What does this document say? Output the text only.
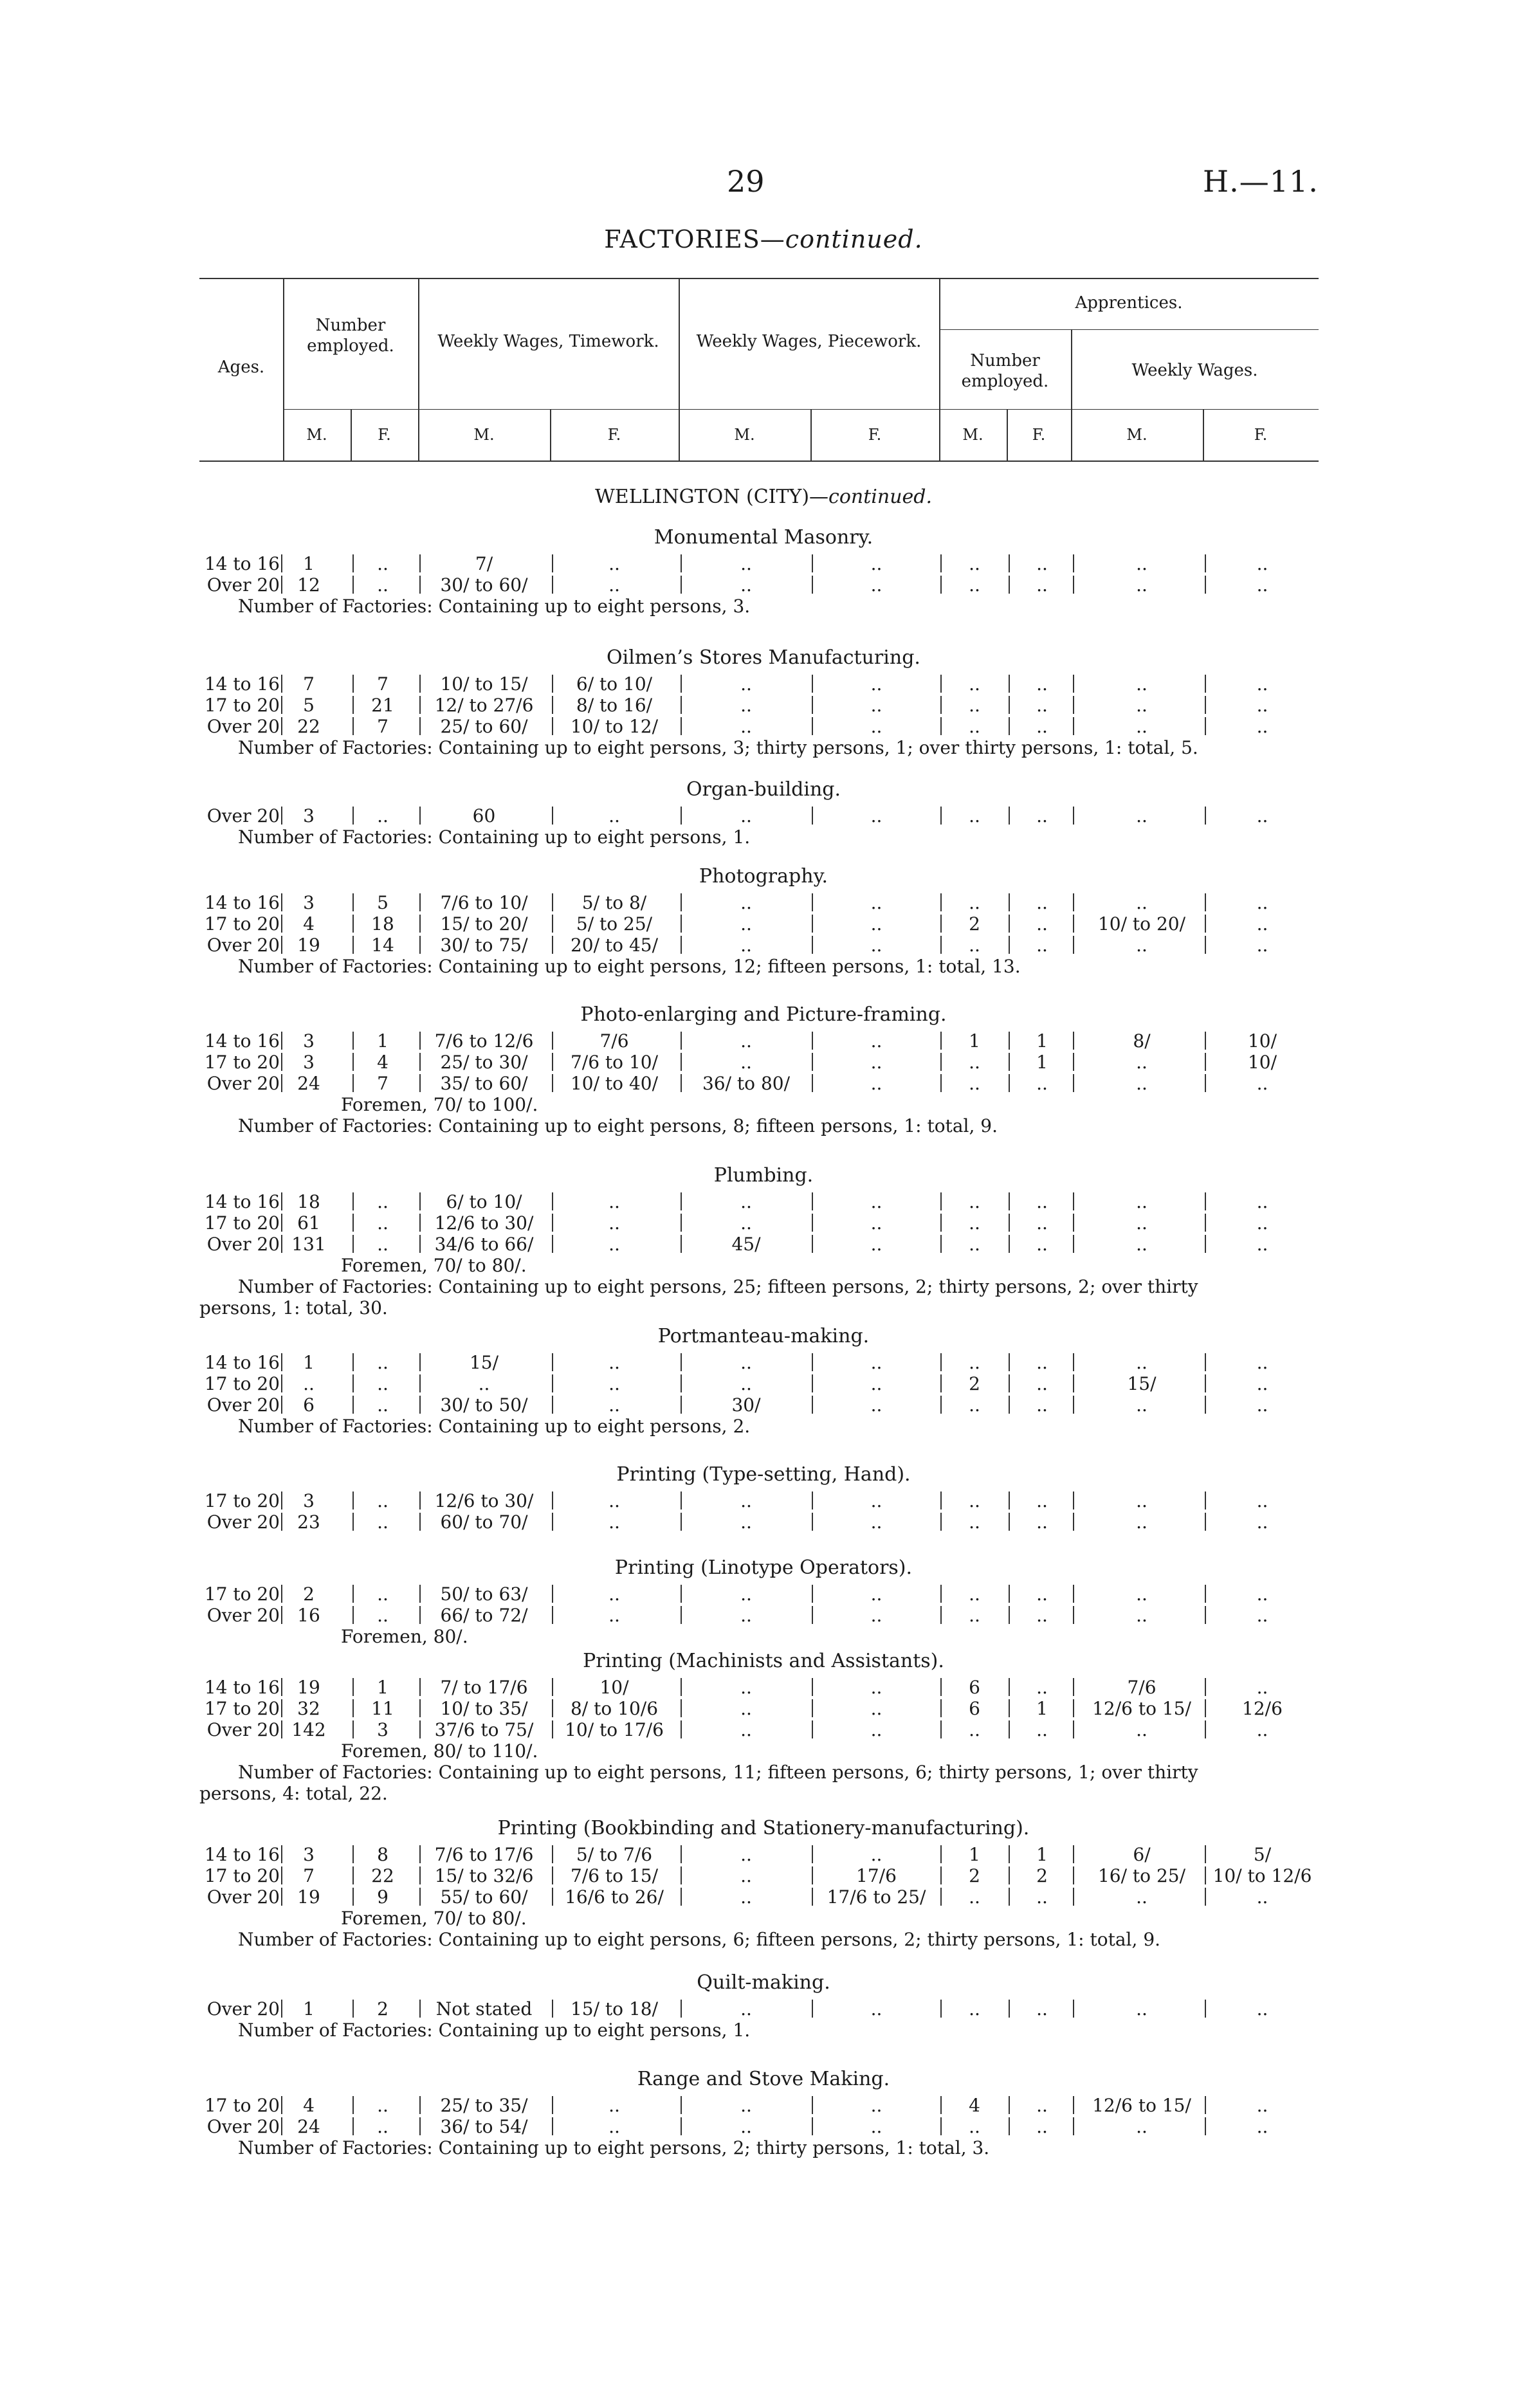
29	H.—11.
FACTORIES—continued.
Ages.
Number
employed.	Weekly Wages, Timework.	Weekly Wages, Piecework.
Apprentices.
Number
employed.
Weekly Wages.
M.	F.	M.	F.	M.	F.	M.	F.	M.	F.
WELLINGTON (CITY)—continued.
Monumental Masonry.
14 to 16	1	..	7/	..	..	..	..	..	..	..
Over 20 12	..	30/ to 60/	..	..	..	..	..	..	..
Number of Factories: Containing up to eight persons, 3.
Oilmen’s Stores Manufacturing.
14 to 16	7	7	10/ to 15/	6/ to 10/	..	..	..	..	..	..
17 to 20	5	21	12/ to 27/6	8/ to 16/	..	..	..	..	..	..
Over 20 22	7	25/ to 60/	10/ to 12/	..	..	..	..	..	..
Number of Factories: Containing up to eight persons, 3; thirty persons, 1; over thirty persons, 1: total, 5.
Organ-building.
Over 20	3	..	60	..	..	..	..	..	..	..
Number of Factories: Containing up to eight persons, 1.
Photography.
14 to 16	3	5	7/6 to 10/	5/ to 8/	..	..	..	..	..	..
17 to 20	4	18	15/ to 20/	5/ to 25/	..	..	2	..	10/ to 20/	..
Over 20 19	14	30/ to 75/	20/ to 45/	..	..	..	..	..	..
Number of Factories: Containing up to eight persons, 12; fifteen persons, 1: total, 13.
Photo-enlarging and Picture-framing.
14 to 16	3	1	7/6 to 12/6	7/6	..	..	1	1	8/	10/
17 to 20	3	4	25/ to 30/	7/6 to 10/	..	..	..	1	..	10/
Over 20 24	7	35/ to 60/	10/ to 40/	36/ to 80/	..	..	..	..	..
Foremen, 70/ to 100/.
Number of Factories: Containing up to eight persons, 8; fifteen persons, 1: total, 9.
Plumbing.
14 to 16 18	..	6/ to 10/	..	..	..	..	..	..	..
17 to 20 61	..	12/6 to 30/	..	..	..	..	..	..	..
Over 20 131	..	34/6 to 66/	..	45/	..	..	..	..	..
Foremen, 70/ to 80/.
Number of Factories: Containing up to eight persons, 25; fifteen persons, 2; thirty persons, 2; over thirty
persons, 1: total, 30.
Portmanteau-making.
14 to 16	1	..	15/	..	..	..	..	..	..	..
17 to 20	..	..	..	..	..	..	2	..	15/	..
Over 20	6	..	30/ to 50/	..	30/	..	..	..	..	..
Number of Factories: Containing up to eight persons, 2.
Printing (Type-setting, Hand).
17 to 20	3	..	12/6 to 30/	..	..	..	..	..	..	..
Over 20 23	..	60/ to 70/	..	..	..	..	..	..	..
Printing (Linotype Operators).
17 to 20	2	..	50/ to 63/	..	..	..	..	..	..	..
Over 20 16	..	66/ to 72/	..	..	..	..	..	..	..
Foremen, 80/.
Printing (Machinists and Assistants).
14 to 16 19	1	7/ to 17/6	10/	..	..	6	..	7/6	..
17 to 20 32	11	10/ to 35/	8/ to 10/6	..	..	6	1	12/6 to 15/	12/6
Over 20 142	3	37/6 to 75/	10/ to 17/6	..	..	..	..	..	..
Foremen, 80/ to 110/.
Number of Factories: Containing up to eight persons, 11; fifteen persons, 6; thirty persons, 1; over thirty
persons, 4: total, 22.
Printing (Bookbinding and Stationery-manufacturing).
14 to 16	3	8	7/6 to 17/6	5/ to 7/6	..	..	1	1	6/	5/
17 to 20	7	22	15/ to 32/6	7/6 to 15/	..	17/6	2	2	16/ to 25/	10/ to 12/6
Over 20 19	9	55/ to 60/	16/6 to 26/	..	17/6 to 25/	..	..	..	..
Foremen, 70/ to 80/.
Number of Factories: Containing up to eight persons, 6; fifteen persons, 2; thirty persons, 1: total, 9.
Quilt-making.
Over 20	1	2	Not stated	15/ to 18/	..	..	..	..	..	..
Number of Factories: Containing up to eight persons, 1.
Range and Stove Making.
17 to 20	4	..	25/ to 35/	..	..	..	4	..	12/6 to 15/	..
Over 20 24	..	36/ to 54/	..	..	..	..	..	..	..
Number of Factories: Containing up to eight persons, 2; thirty persons, 1: total, 3.
